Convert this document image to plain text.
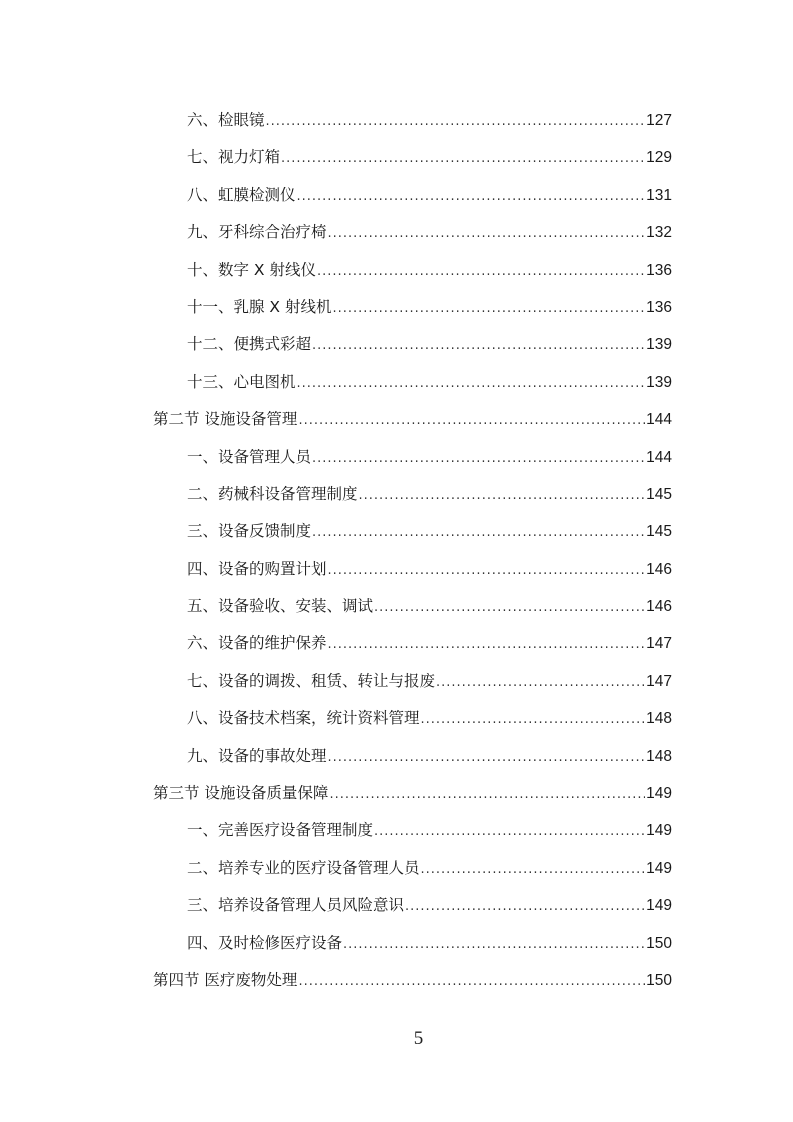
六、检眼镜 .....	127
七、视力灯箱 .....	129
八、虹膜检测仪 .....	131
九、牙科综合治疗椅 .....	132
十、数字 X 射线仪 .....	136
十一、乳腺 X 射线机 .....	136
十二、便携式彩超 .....	139
十三、心电图机 .....	139
第二节 设施设备管理 .....	144
一、设备管理人员 .....	144
二、药械科设备管理制度 .....	145
三、设备反馈制度 .....	145
四、设备的购置计划 .....	146
五、设备验收、安装、调试 .....	146
六、设备的维护保养 .....	147
七、设备的调拨、租赁、转让与报废 .....	147
八、设备技术档案，统计资料管理 .....	148
九、设备的事故处理 .....	148
第三节 设施设备质量保障 .....	149
一、完善医疗设备管理制度 .....	149
二、培养专业的医疗设备管理人员 .....	149
三、培养设备管理人员风险意识 .....	149
四、及时检修医疗设备 .....	150
第四节 医疗废物处理 .....	150
5
